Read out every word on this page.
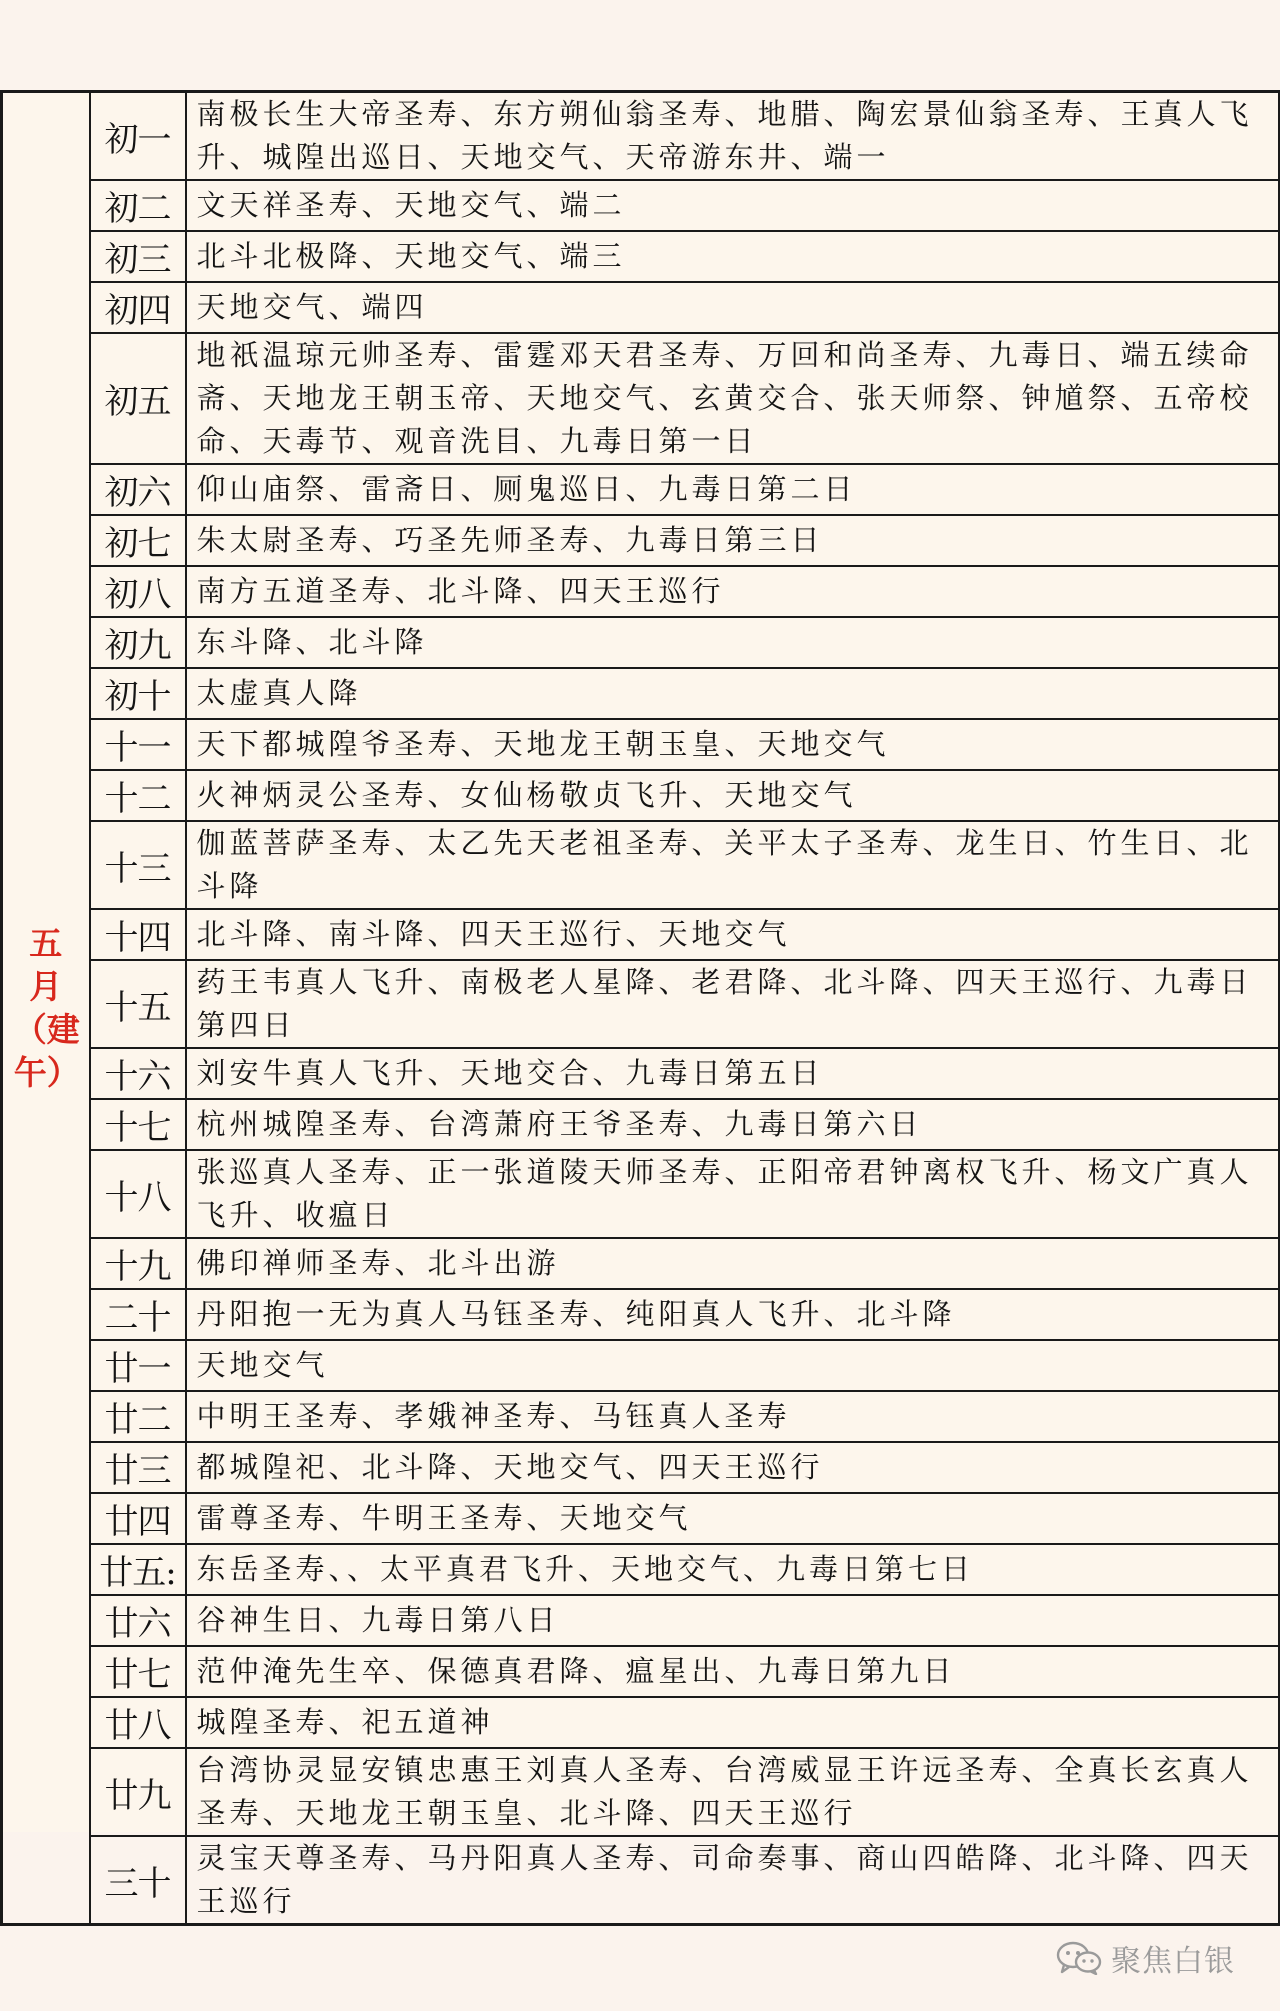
五月（建午）	初一	南极长生大帝圣寿、东方朔仙翁圣寿、地腊、陶宏景仙翁圣寿、王真人飞升、城隍出巡日、天地交气、天帝游东井、端一
	初二	文天祥圣寿、天地交气、端二
	初三	北斗北极降、天地交气、端三
	初四	天地交气、端四
	初五	地祇温琼元帅圣寿、雷霆邓天君圣寿、万回和尚圣寿、九毒日、端五续命斋、天地龙王朝玉帝、天地交气、玄黄交合、张天师祭、钟馗祭、五帝校命、天毒节、观音洗目、九毒日第一日
	初六	仰山庙祭、雷斋日、厕鬼巡日、九毒日第二日
	初七	朱太尉圣寿、巧圣先师圣寿、九毒日第三日
	初八	南方五道圣寿、北斗降、四天王巡行
	初九	东斗降、北斗降
	初十	太虚真人降
	十一	天下都城隍爷圣寿、天地龙王朝玉皇、天地交气
	十二	火神炳灵公圣寿、女仙杨敬贞飞升、天地交气
	十三	伽蓝菩萨圣寿、太乙先天老祖圣寿、关平太子圣寿、龙生日、竹生日、北斗降
	十四	北斗降、南斗降、四天王巡行、天地交气
	十五	药王韦真人飞升、南极老人星降、老君降、北斗降、四天王巡行、九毒日第四日
	十六	刘安牛真人飞升、天地交合、九毒日第五日
	十七	杭州城隍圣寿、台湾萧府王爷圣寿、九毒日第六日
	十八	张巡真人圣寿、正一张道陵天师圣寿、正阳帝君钟离权飞升、杨文广真人飞升、收瘟日
	十九	佛印禅师圣寿、北斗出游
	二十	丹阳抱一无为真人马钰圣寿、纯阳真人飞升、北斗降
	廿一	天地交气
	廿二	中明王圣寿、孝娥神圣寿、马钰真人圣寿
	廿三	都城隍祀、北斗降、天地交气、四天王巡行
	廿四	雷尊圣寿、牛明王圣寿、天地交气
	廿五:	东岳圣寿、、太平真君飞升、天地交气、九毒日第七日
	廿六	谷神生日、九毒日第八日
	廿七	范仲淹先生卒、保德真君降、瘟星出、九毒日第九日
	廿八	城隍圣寿、祀五道神
	廿九	台湾协灵显安镇忠惠王刘真人圣寿、台湾威显王许远圣寿、全真长玄真人圣寿、天地龙王朝玉皇、北斗降、四天王巡行
	三十	灵宝天尊圣寿、马丹阳真人圣寿、司命奏事、商山四皓降、北斗降、四天王巡行
聚焦白银
